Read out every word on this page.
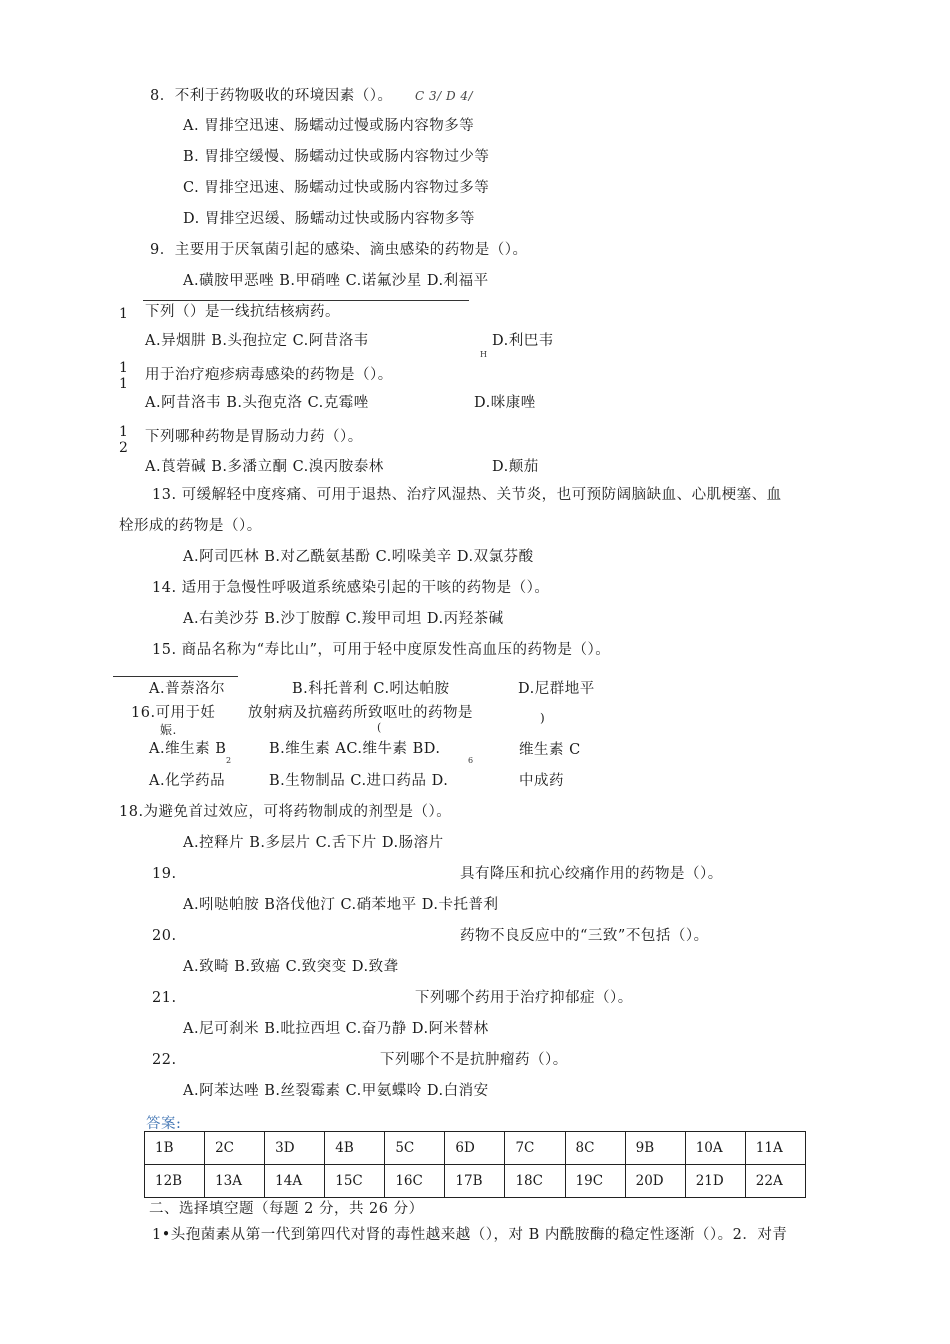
8．不利于药物吸收的环境因素（）。 C 3/ D 4/
A. 胃排空迅速、肠蠕动过慢或肠内容物多等
B. 胃排空缓慢、肠蠕动过快或肠内容物过少等
C. 胃排空迅速、肠蠕动过快或肠内容物过多等
D. 胃排空迟缓、肠蠕动过快或肠内容物多等
9．主要用于厌氧菌引起的感染、滴虫感染的药物是（）。
A.磺胺甲恶唑 B.甲硝唑 C.诺氟沙星 D.利福平
1 下列（）是一线抗结核病药。
A.异烟肼 B.头孢拉定 C.阿昔洛韦	D.利巴韦
H
1
1
用于治疗疱疹病毒感染的药物是（）。
A.阿昔洛韦 B.头孢克洛 C.克霉唑	D.咪康唑
1
2
下列哪种药物是胃肠动力药（）。
A.莨菪碱 B.多潘立酮 C.溴丙胺泰林	D.颠茄
13. 可缓解轻中度疼痛、可用于退热、治疗风湿热、关节炎，也可预防阔脑缺血、心肌梗塞、血
栓形成的药物是（）。
A.阿司匹林 B.对乙酰氨基酚 C.吲哚美辛 D.双氯芬酸
14. 适用于急慢性呼吸道系统感染引起的干咳的药物是（）。
A.右美沙芬 B.沙丁胺醇 C.羧甲司坦 D.丙羟茶碱
15. 商品名称为“寿比山”，可用于轻中度原发性高血压的药物是（）。
A.普萘洛尔	B.科托普利 C.吲达帕胺	D.尼群地平
16.可用于妊
娠.
放射病及抗癌药所致呕吐的药物是
(
)
A.维生素 B
2
B.维生素 AC.维牛素 BD.
6
维生素 C
A.化学药品	B.生物制品 C.进口药品 D.	中成药
18.为避免首过效应，可将药物制成的剂型是（）。
A.控释片 B.多层片 C.舌下片 D.肠溶片
19.	具有降压和抗心绞痛作用的药物是（）。
A.吲哒帕胺 B洛伐他汀 C.硝苯地平 D.卡托普利
20.	药物不良反应中的“三致”不包括（）。
A.致畸 B.致癌 C.致突变 D.致聋
21.	下列哪个药用于治疗抑郁症（）。
A.尼可刹米 B.吡拉西坦 C.奋乃静 D.阿米替林
22.	下列哪个不是抗肿瘤药（）。
A.阿苯达唑 B.丝裂霉素 C.甲氨蝶呤 D.白消安
答案:
1B	2C	3D	4B	5C	6D	7C	8C	9B	10A	11A
12B	13A	14A	15C	16C	17B	18C	19C	20D	21D	22A
二、选择填空题（每题 2 分，共 26 分）
1•头孢菌素从第一代到第四代对肾的毒性越来越（），对 B 内酰胺酶的稳定性逐渐（）。2．对青
